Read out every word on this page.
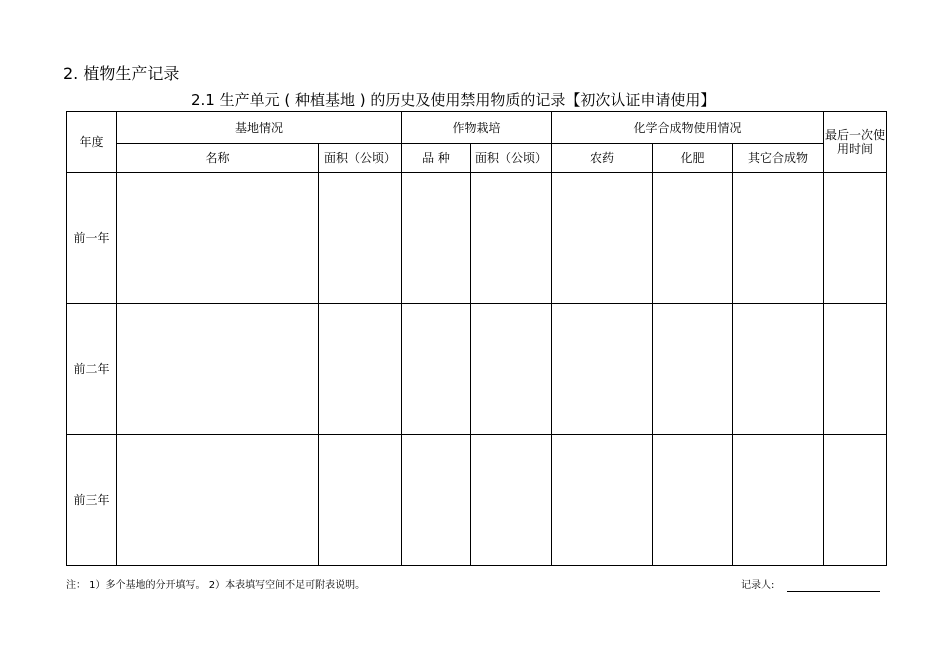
2. 植物生产记录
2.1 生产单元 ( 种植基地 ) 的历史及使用禁用物质的记录【初次认证申请使用】
年度	基地情况		作物栽培		化学合成物使用情况			最后一次使用时间
	名称	面积（公顷）	品 种	面积（公顷）	农药	化肥	其它合成物	
前一年								
前二年								
前三年								
注： 1）多个基地的分开填写。 2）本表填写空间不足可附表说明。	记录人:
